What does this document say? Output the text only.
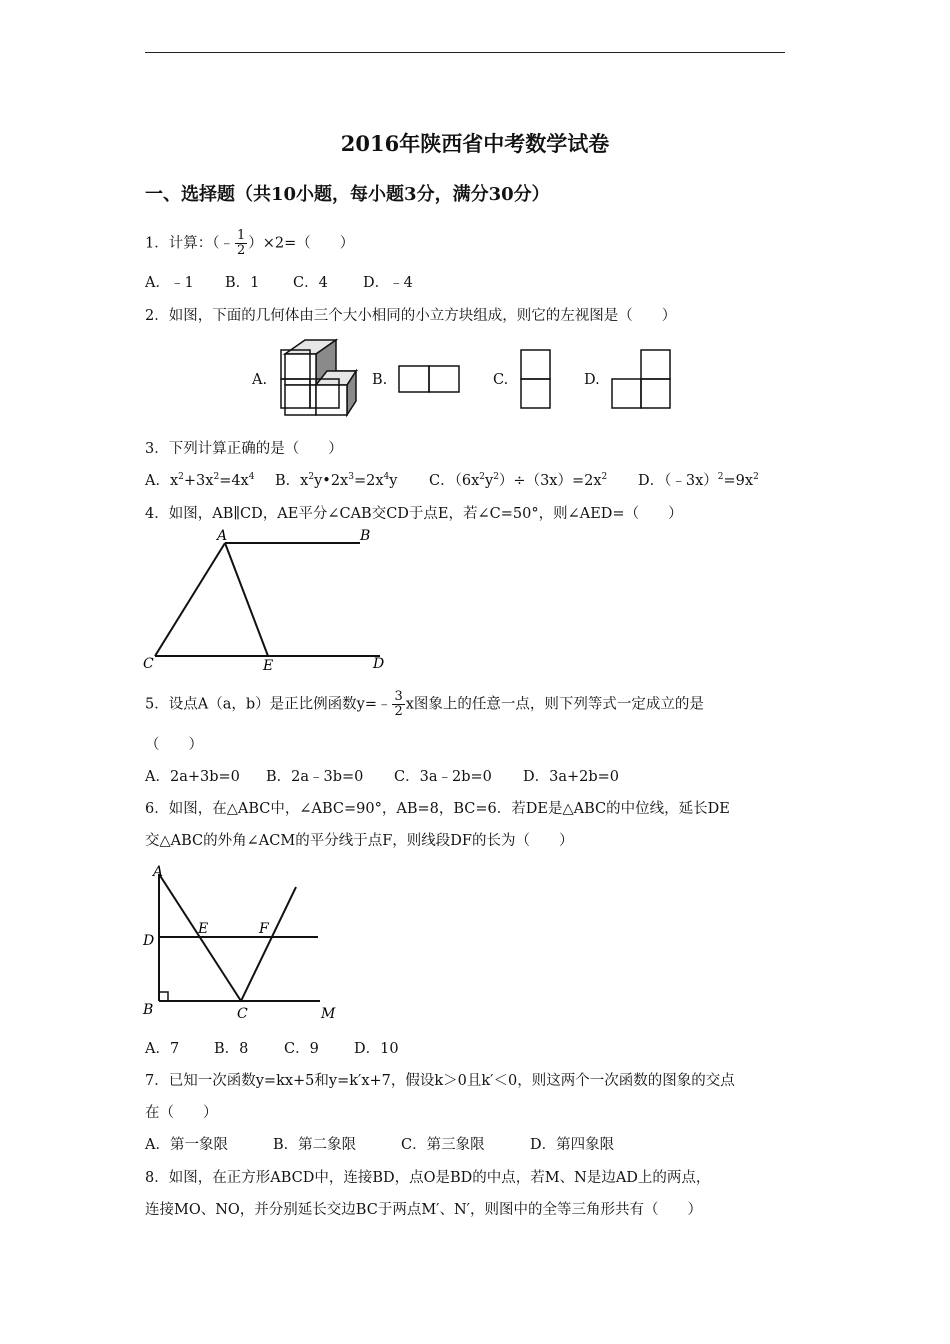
2016年陕西省中考数学试卷
一、选择题（共10小题，每小题3分，满分30分）
1．计算：（﹣ $\frac{1}{2} )\times 2=$（　　）
A．﹣1 B．1 C．4 D．﹣4
2．如图，下面的几何体由三个大小相同的小立方块组成，则它的左视图是（　　）
A.	B.	C.	D.
3．下列计算正确的是（　　）
A．$x^2+3x^2=4x^4$ B．$x^2y•2x^3=2x^4y$ C．$(6x^2y^2)\div(3x)=2x^2$ D．$(﹣3x)^2=9x^2$
4．如图，AB∥CD，AE平分∠CAB交CD于点E，若∠C=50°，则∠AED=（　　）
A	B
C	E	D
5．设点A（a，b）是正比例函数y=﹣ $\frac{3}{2}$ x图象上的任意一点，则下列等式一定成立的是
（　　）
A．2a+3b=0 B．2a﹣3b=0 C．3a﹣2b=0 D．3a+2b=0
6．如图，在△ABC中，∠ABC=90°，AB=8，BC=6．若DE是△ABC的中位线，延长DE
交△ABC的外角∠ACM的平分线于点F，则线段DF的长为（　　）
A
D
E	F
B	C	M
A．7 B．8 C．9 D．10
7．已知一次函数y=kx+5和y=k′x+7，假设k＞0且k′＜0，则这两个一次函数的图象的交点
在（　　）
A．第一象限	B．第二象限	C．第三象限	D．第四象限
8．如图，在正方形ABCD中，连接BD，点O是BD的中点，若M、N是边AD上的两点，
连接MO、NO，并分别延长交边BC于两点M′、N′，则图中的全等三角形共有（　　）
